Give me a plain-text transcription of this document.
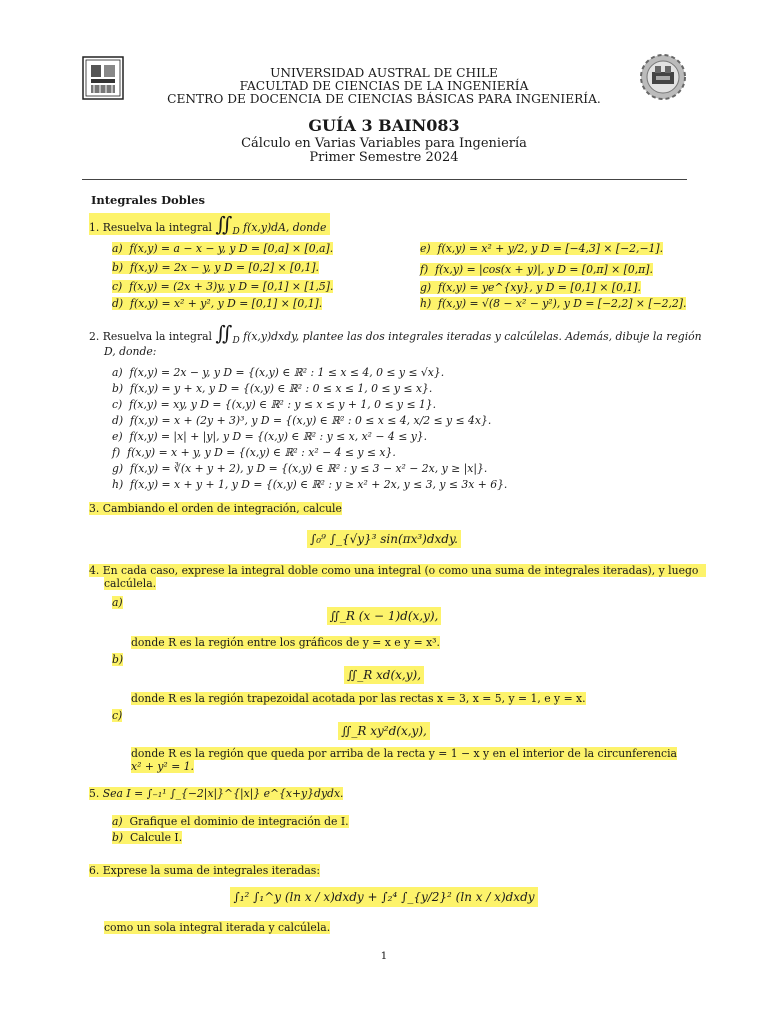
UNIVERSIDAD AUSTRAL DE CHILE
FACULTAD DE CIENCIAS DE LA INGENIERÍA
CENTRO DE DOCENCIA DE CIENCIAS BÁSICAS PARA INGENIERÍA.
GUÍA 3 BAIN083
Cálculo en Varias Variables para Ingeniería
Primer Semestre 2024
Integrales Dobles
1. Resuelva la integral $∬_D$ f(x,y)dA, donde
a) f(x,y) = a − x − y, y D = [0,a] × [0,a].
b) f(x,y) = 2x − y, y D = [0,2] × [0,1].
c) f(x,y) = (2x + 3)y, y D = [0,1] × [1,5].
d) f(x,y) = x² + y², y D = [0,1] × [0,1].
e) f(x,y) = x² + y/2, y D = [−4,3] × [−2,−1].
f) f(x,y) = |cos(x + y)|, y D = [0,π] × [0,π].
g) f(x,y) = ye^{xy}, y D = [0,1] × [0,1].
h) f(x,y) = √(8 − x² − y²), y D = [−2,2] × [−2,2].
2. Resuelva la integral $∬_D$ f(x,y)dxdy, plantee las dos integrales iteradas y calcúlelas. Además, dibuje la región
D, donde:
a) f(x,y) = 2x − y, y D = {(x,y) ∈ ℝ² : 1 ≤ x ≤ 4, 0 ≤ y ≤ √x}.
b) f(x,y) = y + x, y D = {(x,y) ∈ ℝ² : 0 ≤ x ≤ 1, 0 ≤ y ≤ x}.
c) f(x,y) = xy, y D = {(x,y) ∈ ℝ² : y ≤ x ≤ y + 1, 0 ≤ y ≤ 1}.
d) f(x,y) = x + (2y + 3)³, y D = {(x,y) ∈ ℝ² : 0 ≤ x ≤ 4, x/2 ≤ y ≤ 4x}.
e) f(x,y) = |x| + |y|, y D = {(x,y) ∈ ℝ² : y ≤ x, x² − 4 ≤ y}.
f) f(x,y) = x + y, y D = {(x,y) ∈ ℝ² : x² − 4 ≤ y ≤ x}.
g) f(x,y) = ∛(x + y + 2), y D = {(x,y) ∈ ℝ² : y ≤ 3 − x² − 2x, y ≥ |x|}.
h) f(x,y) = x + y + 1, y D = {(x,y) ∈ ℝ² : y ≥ x² + 2x, y ≤ 3, y ≤ 3x + 6}.
3. Cambiando el orden de integración, calcule
∫₀⁹ ∫_{√y}³ sin(πx³)dxdy.
4. En cada caso, exprese la integral doble como una integral (o como una suma de integrales iteradas), y luego
calcúlela.
a)
∬_R (x − 1)d(x,y),
donde R es la región entre los gráficos de y = x e y = x³.
b)
∬_R xd(x,y),
donde R es la región trapezoidal acotada por las rectas x = 3, x = 5, y = 1, e y = x.
c)
∬_R xy²d(x,y),
donde R es la región que queda por arriba de la recta y = 1 − x y en el interior de la circunferencia
x² + y² = 1.
5. Sea I = ∫₋₁¹ ∫_{−2|x|}^{|x|} e^{x+y}dydx.
a) Grafique el dominio de integración de I.
b) Calcule I.
6. Exprese la suma de integrales iteradas:
∫₁² ∫₁^y (ln x / x)dxdy + ∫₂⁴ ∫_{y/2}² (ln x / x)dxdy
como un sola integral iterada y calcúlela.
1
